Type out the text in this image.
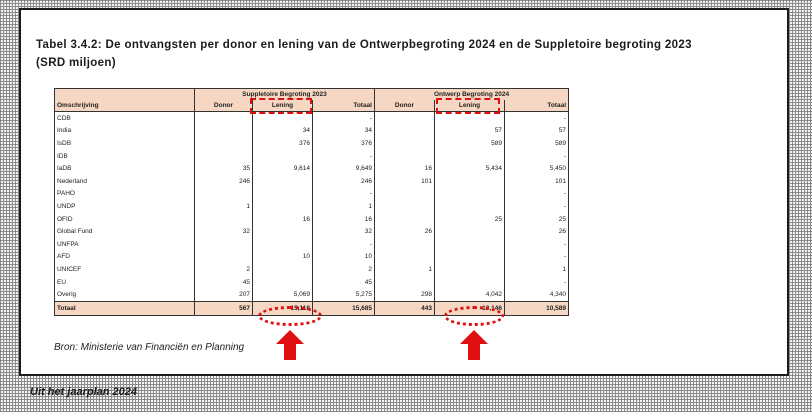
Tabel 3.4.2: De ontvangsten per donor en lening van de Ontwerpbegroting 2024 en de Suppletoire begroting 2023
(SRD miljoen)
	Suppletoire Begroting 2023			Ontwerp Begroting 2024		
Omschrijving	Donor	Lening	Totaal	Donor	Lening	Totaal
CDB			-			-
India		34	34		57	57
IsDB		376	376		589	589
IDB			-			-
IaDB	35	9,614	9,649	16	5,434	5,450
Nederland	246		246	101		101
PAHO			-			-
UNDP	1		1			-
OFID		16	16		25	25
Global Fund	32		32	26		26
UNFPA			-			-
AFD		10	10			-
UNICEF	2		2	1		1
EU	45		45			-
Overig	207	5,069	5,275	298	4,042	4,340
Totaal	567	15,118	15,685	443	10,146	10,589
Bron: Ministerie van Financiën en Planning
Uit het jaarplan 2024
